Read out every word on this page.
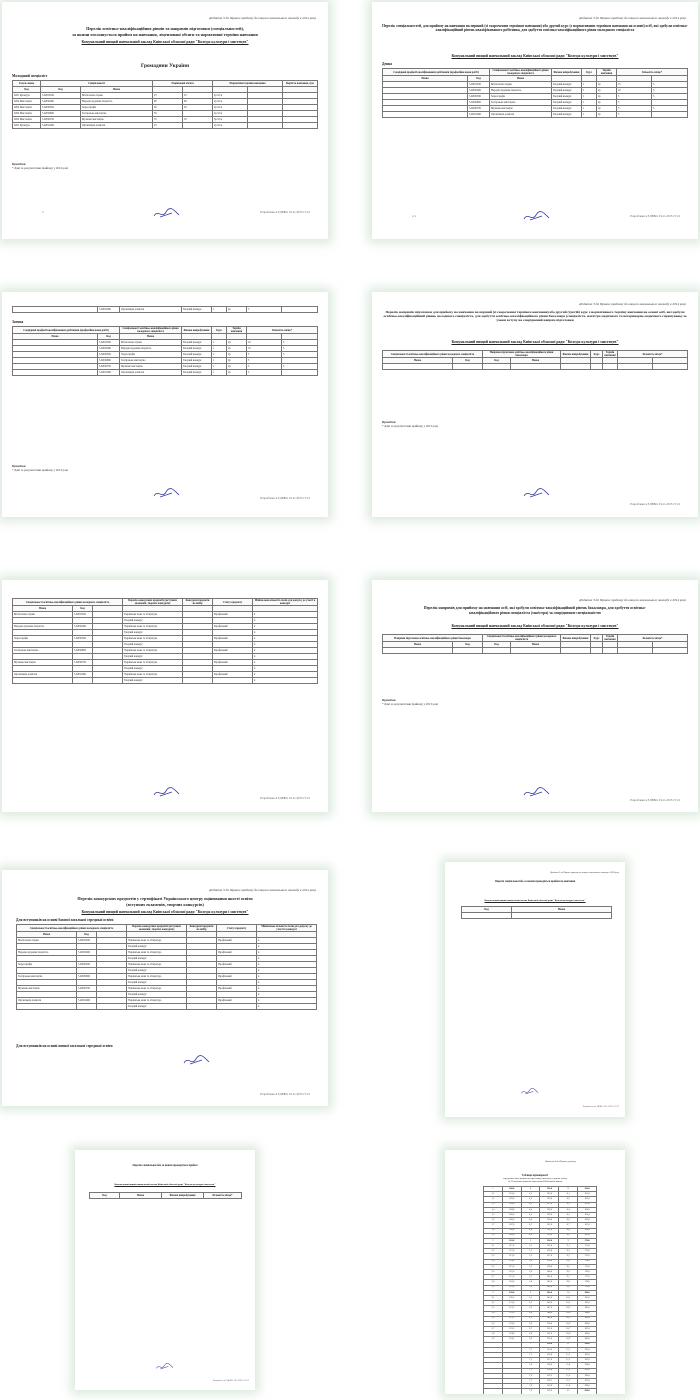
Додаток 3 до Правил прийому до вищого навчального закладу в 2014 році
Перелік освітньо-кваліфікаційних рівнів та напрямів підготовки (спеціальностей),
за якими оголошується прийом на навчання, ліцензовані обсяги та нормативні терміни навчання
Комунальний вищий навчальний заклад Київської обласної ради "Коледж культури і мистецтв"
Громадяни України
Молодший спеціаліст
Галузь знань	Спеціальності		Ліцензовані обсяги		Нормативні терміни навчання		Вартість навчання, грн.
Код	Код	Назва					
0201 Культура	5.02010501	Бібліотечна справа	25	25	2р 10 м		
0202 Мистецтво	5.02020401	Народна художня творчість	90	60	2р 10 м		
0202 Мистецтво	5.02020501	Хореографія	30	20	2р 10 м		
0202 Мистецтво	5.02020601	Театральне мистецтво	30		2р 10 м		
0202 Мистецтво	5.02020701	Музичне мистецтво	70	50	3р 10 м		
0201 Культура	5.02010401	Організація дозвілля	25		2р 10 м		
Примітка:
* Дані за результатами прийому у 2014 році
2	Розроблено в ЄДЕБО. 19.11.2013 17:21
Додаток 3 до Правил прийому до вищого навчального закладу в 2014 році
Перелік спеціальностей, для прийому на навчання на перший (зі скороченим терміном навчання) або другий курс (з нормативним терміном навчання на основі) осіб, які здобули освітньо-кваліфікаційний рівень кваліфікованого робітника, для здобуття освітньо-кваліфікаційного рівня молодшого спеціаліста
Комунальний вищий навчальний заклад Київської обласної ради "Коледж культури і мистецтв"
Денна
Споріднені професії кваліфікованих робітників (професійне назва робіт)		Спеціальності освітньо-кваліфікаційного рівня молодшого спеціаліста	Фахове випробування	Курс	Термін навчання	Кількість місць*	
Назва	Код	Назва					
	5.02010501	Бібліотечна справа	Творчий конкурс	1	2р	15	5
	5.02020401	Народна художня творчість	Творчий конкурс	1	2р	10	5
	5.02020501	Хореографія	Творчий конкурс	1	2р	5	5
	5.02020601	Театральне мистецтво	Творчий конкурс	1	2р	5	
	5.02020701	Музичне мистецтво	Творчий конкурс	1	2р	5	5
	5.02010401	Організація дозвілля	Творчий конкурс	1	2р	5	
2-1	Розроблено в ЄДЕБО. 19.11.2013 17:21
	5.02010401	Організація дозвілля	Творчий конкурс	1	2р	5	
Заочна
Споріднені професії кваліфікованих робітників (професійне назва робіт)		Спеціальності освітньо-кваліфікаційного рівня молодшого спеціаліста	Фахове випробування	Курс	Термін навчання	Кількість місць*	
Назва	Код	Назва					
	5.02010501	Бібліотечна справа	Творчий конкурс	1	2р	10	5
	5.02020401	Народна художня творчість	Творчий конкурс	1	2р	10	5
	5.02020501	Хореографія	Творчий конкурс	1	2р	5	5
	5.02020601	Театральне мистецтво	Творчий конкурс	1	2р	5	
	5.02020701	Музичне мистецтво	Творчий конкурс	1	2р	5	5
	5.02010401	Організація дозвілля	Творчий конкурс	1	2р	5	
Примітка:
* Дані за результатами прийому у 2013 році
Розроблено в ЄДЕБО. 19.11.2013 17:21
Додаток 3 до Правил прийому до вищого навчального закладу в 2014 році
Перелік напрямів підготовки для прийому на навчання на перший (зі скороченим терміном навчання) або другий (третій) курс з нормативного терміну навчання на основі осіб, які здобули освітньо-кваліфікаційний рівень молодшого спеціаліста, для здобуття освітньо-кваліфікаційного рівня бакалавра (спеціаліста, магістра медичного та ветеринарно-медичного спрямувань) за умови вступу на споріднений напрям підготовки
Комунальний вищий навчальний заклад Київської обласної ради "Коледж культури і мистецтв"
Спеціальності освітньо-кваліфікаційного рівня молодшого спеціаліста		Напрями підготовки освітньо-кваліфікаційного рівня бакалавра		Фахове випробування	Курс	Термін навчання	Кількість місць*	
Назва	Код	Код	Назва					

Примітка:
* Дані за результатами прийому у 2013 році
Розроблено в ЄДЕБО. 19.11.2013 17:21
Спеціальності освітньо-кваліфікаційного рівня молодшого спеціаліста			Перелік конкурсних предметів (вступних екзаменів, творчих конкурсів)	Конкурсні предмети на вибір	Статус предмету	Мінімальна кількість балів для допуску до участі в конкурсі
Назва	Код					
Бібліотечна справа	5.02010501		Українська мова та література		Профільний	4
			Творчий конкурс			4
Народна художня творчість	5.02020401		Українська мова та література		Профільний	4
			Творчий конкурс			4
Хореографія	5.02020501		Українська мова та література		Профільний	4
			Творчий конкурс			4
Театральне мистецтво	5.02020601		Українська мова та література		Профільний	4
			Творчий конкурс			4
Музичне мистецтво	5.02020701		Українська мова та література		Профільний	4
			Творчий конкурс			4
Організація дозвілля	5.02010401		Українська мова та література		Профільний	4
			Творчий конкурс			4
Розроблено в ЄДЕБО. 19.11.2013 17:21
Додаток 3 до Правил прийому до вищого навчального закладу в 2014 році
Перелік напрямів для прийому на навчання осіб, які здобули освітньо-кваліфікаційний рівень бакалавра, для здобуття освітньо-кваліфікаційного рівня спеціаліста (магістра) за спорідненою спеціальністю
Комунальний вищий навчальний заклад Київської обласної ради "Коледж культури і мистецтв"
Напрями підготовки освітньо-кваліфікаційного рівня бакалавра		Спеціальності освітньо-кваліфікаційного рівня молодшого спеціаліста		Фахове випробування	Курс	Термін навчання	Кількість місць*	
Назва	Код	Код	Назва					

Примітка:
* Дані за результатами прийому у 2013 році
Розроблено в ЄДЕБО. 19.11.2013 17:21
Додаток 3 до Правил прийому до вищого навчального закладу в 2014 році
Перелік конкурсних предметів у сертифікаті Українського центру оцінювання якості освіти
(вступних екзаменів, творчих конкурсів)
Комунальний вищий навчальний заклад Київської обласної ради "Коледж культури і мистецтв"
Для вступників на основі базової загальної середньої освіти
Спеціальності освітньо-кваліфікаційного рівня молодшого спеціаліста			Перелік конкурсних предметів (вступних екзаменів, творчих конкурсів)	Конкурсні предмети на вибір	Статус предмету	Мінімальна кількість балів для допуску до участі в конкурсі
Назва	Код					
Бібліотечна справа	5.02010501		Українська мова та література		Профільний	4
			Творчий конкурс			4
Народна художня творчість	5.02020401		Українська мова та література		Профільний	4
			Творчий конкурс			4
Хореографія	5.02020501		Українська мова та література		Профільний	4
			Творчий конкурс			4
Театральне мистецтво	5.02020601		Українська мова та література		Профільний	4
			Творчий конкурс			4
Музичне мистецтво	5.02020701		Українська мова та література		Профільний	4
			Творчий конкурс			4
Організація дозвілля	5.02010401		Українська мова та література		Профільний	4
			Творчий конкурс			4
Для вступників на основі повної загальної середньої освіти
Розроблено в ЄДЕБО. 19.11.2013 17:21
Додаток 3 до Правил прийому до вищого навчального закладу в 2014 році
Перелік спеціальностей, за якими проводиться прийом на навчання
Комунальний вищий навчальний заклад Київської обласної ради "Коледж культури і мистецтв"
Код	Назва

Розроблено в ЄДЕБО. 19.11.2013 17:21
Перелік спеціальностей, за якими проводиться прийом
Комунальний вищий навчальний заклад Київської обласної ради "Коледж культури і мистецтв"
Код	Назва	Фахове випробування	Кількість місць*
Розроблено в ЄДЕБО. 19.11.2013 17:21
Додаток 4 до Правил прийому
Таблиця відповідності
середнього бала документа про повну загальну середню освіту
за 12-бальною шкалою значенням 200-бальної шкали
1	100,0	4	124,0	8	160,0
1,1	101,0	4,1	125,0	8,1	161,0
1,2	102,0	4,2	126,0	8,2	162,0
1,3	103,0	4,3	127,0	8,3	163,0
1,4	104,0	4,4	128,0	8,4	164,0
1,5	105,0	4,5	129,0	8,5	165,0
1,6	106,0	4,6	130,0	8,6	166,0
1,7	107,0	4,7	131,0	8,7	167,0
1,8	108,0	4,8	132,0	8,8	168,0
1,9	109,0	4,9	133,0	8,9	169,0
2	110,0	5	134,0	9	170,0
2,1	111,0	5,1	135,0	9,1	171,0
2,2	112,0	5,2	136,0	9,2	172,0
2,3	113,0	5,3	137,0	9,3	173,0
2,4	114,0	5,4	138,0	9,4	174,0
2,5	115,0	5,5	139,0	9,5	175,0
2,6	116,0	5,6	140,0	9,6	176,0
2,7	117,0	5,7	141,0	9,7	177,0
2,8	118,0	5,8	142,0	9,8	178,0
2,9	119,0	5,9	143,0	9,9	179,0
3	120,0	6	144,0	10	180,0
3,1	120,5	6,1	145,0	10,1	181,0
3,2	121,0	6,2	146,0	10,2	182,0
3,3	121,5	6,3	147,0	10,3	183,0
3,4	122,0	6,4	148,0	10,4	184,0
3,5	122,5	6,5	149,0	10,5	185,0
3,6	123,0	6,6	150,0	10,6	186,0
3,7	123,5	6,7	151,0	10,7	187,0
3,8	124,0	6,8	152,0	10,8	188,0
3,9	124,5	6,9	153,0	10,9	189,0
		7	154,0	11	190,0
		7,1	155,0	11,1	191,0
		7,2	156,0	11,2	192,0
		7,3	157,0	11,3	193,0
		7,4	158,0	11,4	194,0
		7,5	159,0	11,5	195,0
		7,6	159,5	11,6	196,0
		7,7	159,7	11,7	197,0
		7,8	159,8	11,8	198,0
		7,9	159,9	12	200,0
